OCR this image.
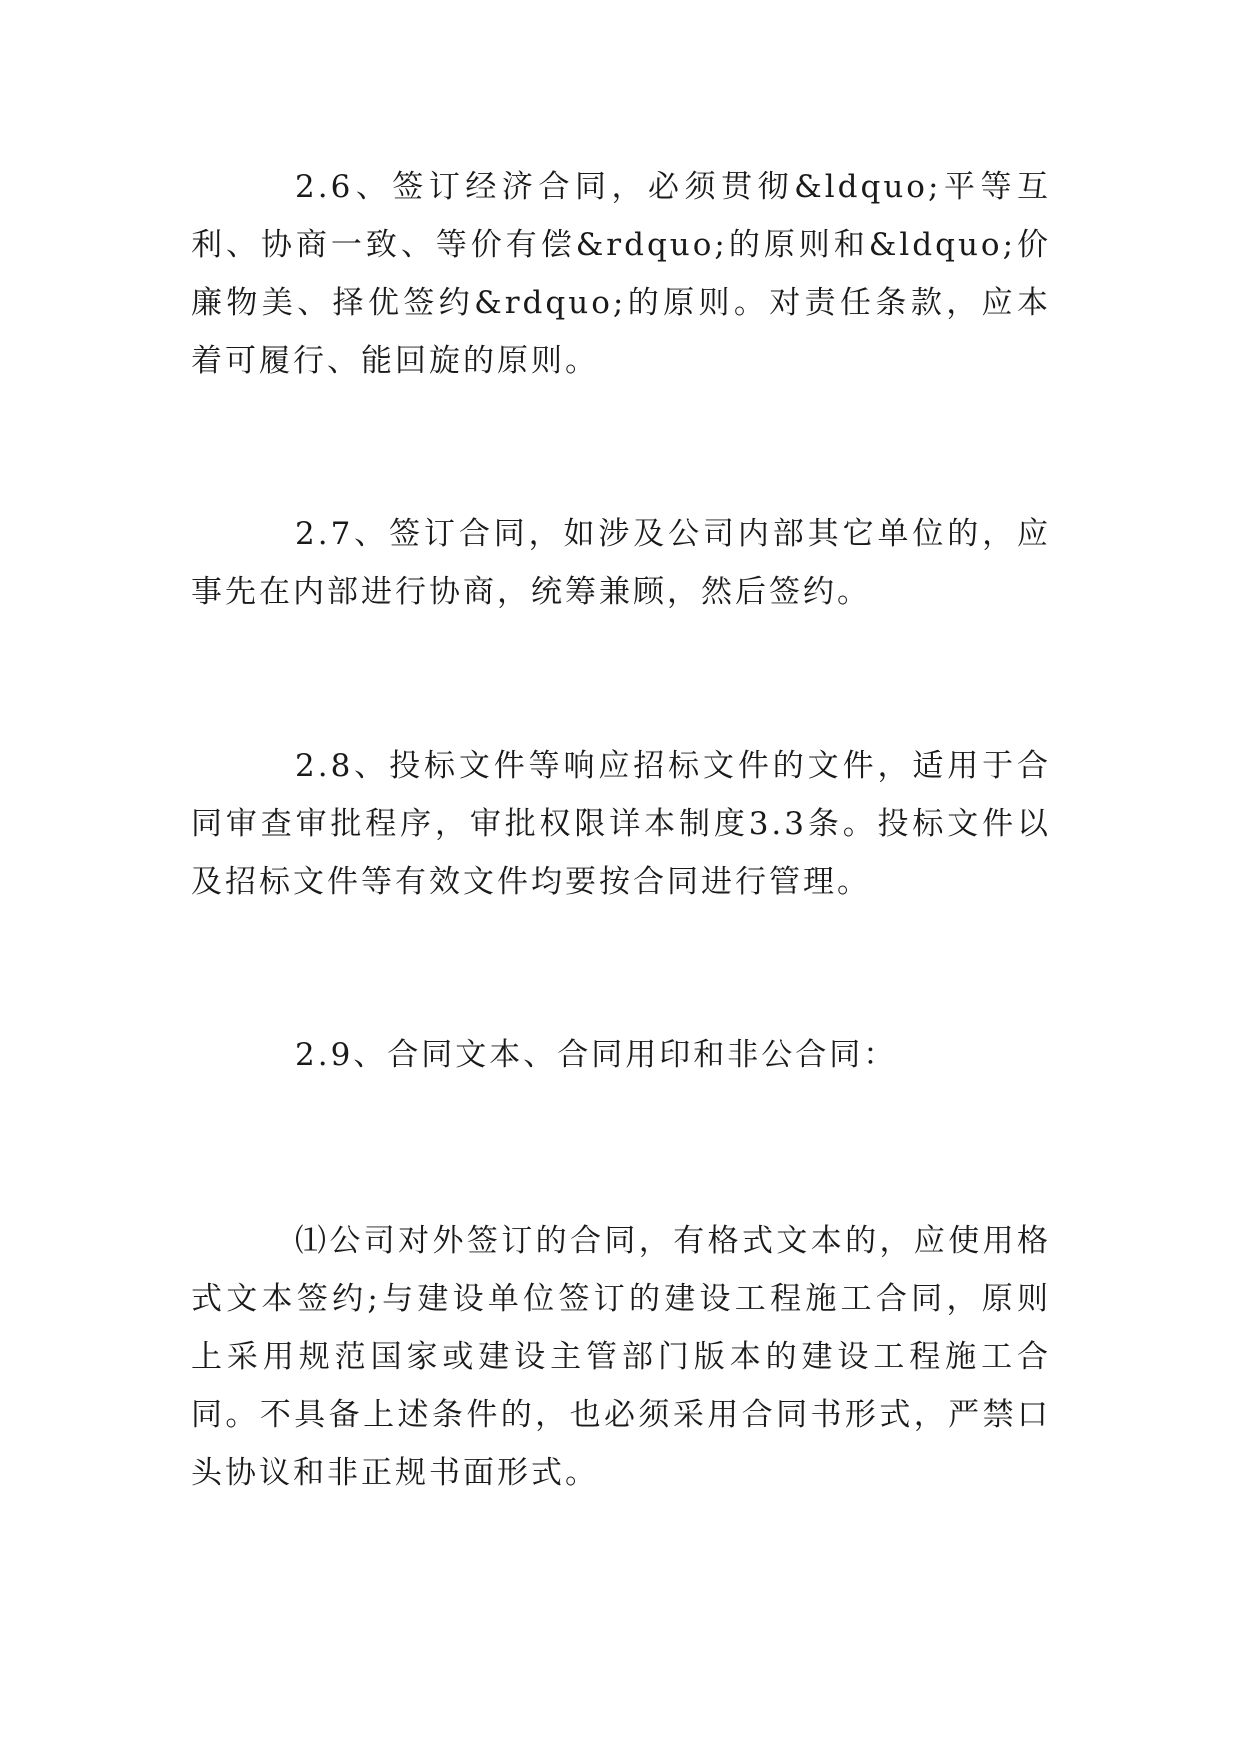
2.6、签订经济合同，必须贯彻&ldquo;平等互利、协商一致、等价有偿&rdquo;的原则和&ldquo;价廉物美、择优签约&rdquo;的原则。对责任条款，应本着可履行、能回旋的原则。

2.7、签订合同，如涉及公司内部其它单位的，应事先在内部进行协商，统筹兼顾，然后签约。

2.8、投标文件等响应招标文件的文件，适用于合同审查审批程序，审批权限详本制度3.3条。投标文件以及招标文件等有效文件均要按合同进行管理。

2.9、合同文本、合同用印和非公合同：

⑴公司对外签订的合同，有格式文本的，应使用格式文本签约;与建设单位签订的建设工程施工合同，原则上采用规范国家或建设主管部门版本的建设工程施工合同。不具备上述条件的，也必须采用合同书形式，严禁口头协议和非正规书面形式。
